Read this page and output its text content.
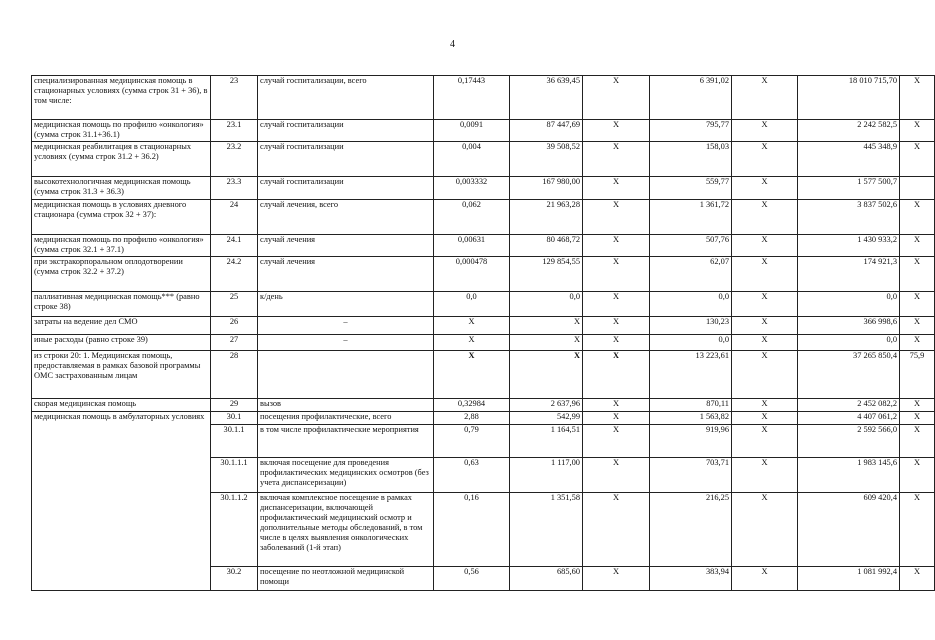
4
специализированная медицинская помощь в стационарных условиях (сумма строк 31 + 36), в том числе:	23	случай госпитализации, всего	0,17443	36 639,45	X	6 391,02	X	18 010 715,70	X
медицинская помощь по профилю «онкология» (сумма строк 31.1+36.1)	23.1	случай госпитализации	0,0091	87 447,69	X	795,77	X	2 242 582,5	X
медицинская реабилитация в стационарных условиях (сумма строк 31.2 + 36.2)	23.2	случай госпитализации	0,004	39 508,52	X	158,03	X	445 348,9	X
высокотехнологичная медицинская помощь (сумма строк 31.3 + 36.3)	23.3	случай госпитализации	0,003332	167 980,00	X	559,77	X	1 577 500,7	
медицинская помощь в условиях дневного стационара (сумма строк 32 + 37):	24	случай лечения, всего	0,062	21 963,28	X	1 361,72	X	3 837 502,6	X
медицинская помощь по профилю «онкология» (сумма строк 32.1 + 37.1)	24.1	случай лечения	0,00631	80 468,72	X	507,76	X	1 430 933,2	X
при экстракорпоральном оплодотворении (сумма строк 32.2 + 37.2)	24.2	случай лечения	0,000478	129 854,55	X	62,07	X	174 921,3	X
паллиативная медицинская помощь*** (равно строке 38)	25	к/день	0,0	0,0	X	0,0	X	0,0	X
затраты на ведение дел СМО	26	–	X	X	X	130,23	X	366 998,6	X
иные расходы (равно строке 39)	27	–	X	X	X	0,0	X	0,0	X
из строки 20: 1. Медицинская помощь, предоставляемая в рамках базовой программы ОМС застрахованным лицам	28		X	X	X	13 223,61	X	37 265 850,4	75,9
скорая медицинская помощь	29	вызов	0,32984	2 637,96	X	870,11	X	2 452 082,2	X
медицинская помощь в амбулаторных условиях	30.1	посещения профилактические, всего	2,88	542,99	X	1 563,82	X	4 407 061,2	X
	30.1.1	в том числе профилактические мероприятия	0,79	1 164,51	X	919,96	X	2 592 566,0	X
	30.1.1.1	включая посещение для проведения профилактических медицинских осмотров (без учета диспансеризации)	0,63	1 117,00	X	703,71	X	1 983 145,6	X
	30.1.1.2	включая комплексное посещение в рамках диспансеризации, включающей профилактический медицинский осмотр и дополнительные методы обследований, в том числе в целях выявления онкологических заболеваний (1-й этап)	0,16	1 351,58	X	216,25	X	609 420,4	X
	30.2	посещение по неотложной медицинской помощи	0,56	685,60	X	383,94	X	1 081 992,4	X
